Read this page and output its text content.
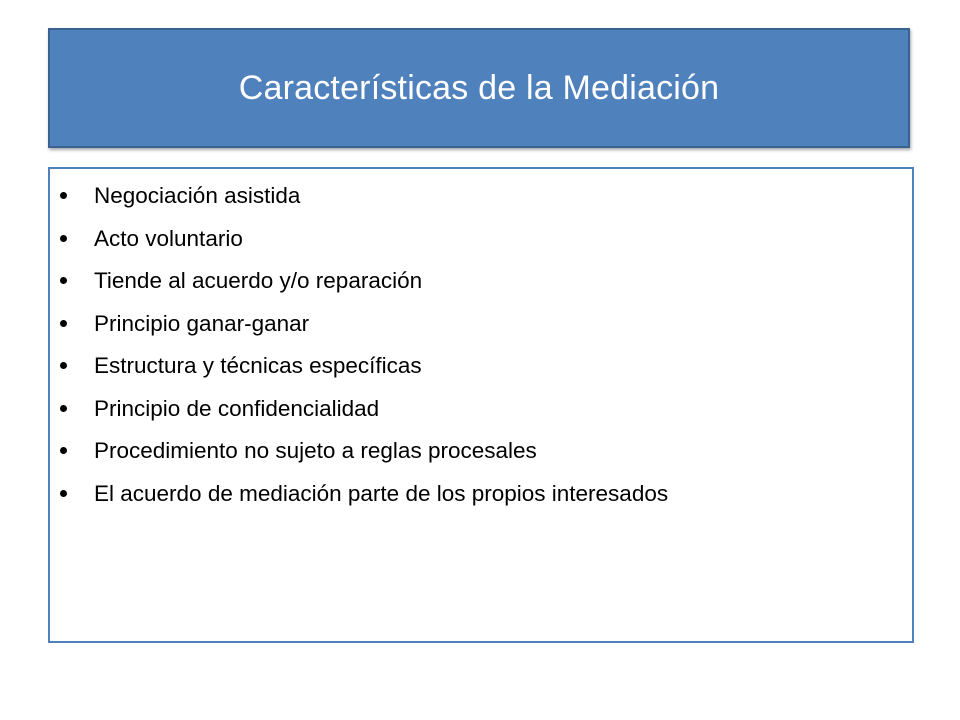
Características de la Mediación
Negociación asistida
Acto voluntario
Tiende al acuerdo y/o reparación
Principio ganar-ganar
Estructura y técnicas específicas
Principio de confidencialidad
Procedimiento no sujeto a reglas procesales
El acuerdo de mediación parte de los propios interesados
